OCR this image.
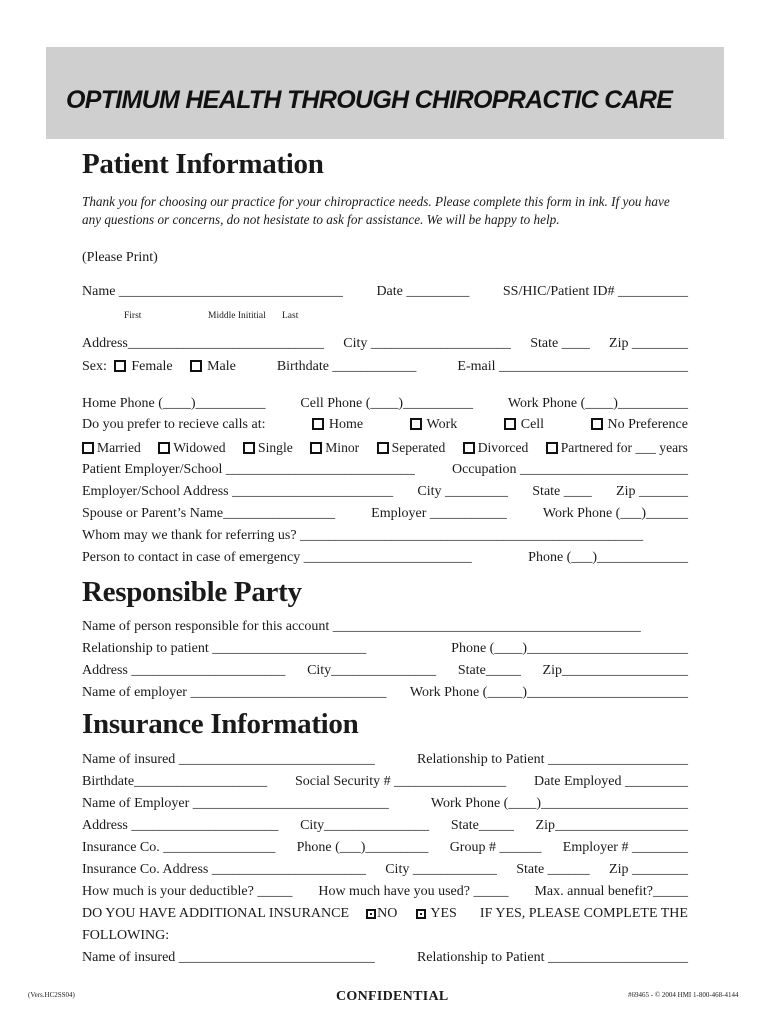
OPTIMUM HEALTH THROUGH CHIROPRACTIC CARE
Patient Information
Thank you for choosing our practice for your chiropractice needs. Please complete this form in ink. If you have any questions or concerns, do not hesistate to ask for assistance. We will be happy to help.
(Please Print)
Name ________________________________ Date _________ SS/HIC/Patient ID# __________
First	Middle Inititial Last
Address____________________________ City ____________________ State ____ Zip ________
Sex: Female Male	Birthdate ____________	E-mail ___________________________
Home Phone (____)__________ Cell Phone (____)__________ Work Phone (____)__________
Do you prefer to recieve calls at:	Home	Work	Cell	No Preference
Married	Widowed	Single	Minor	Seperated	Divorced	Partnered for ___ years
Patient Employer/School ___________________________	Occupation ________________________
Employer/School Address _______________________ City _________ State ____ Zip _______
Spouse or Parent’s Name________________	Employer ___________	Work Phone (___)______
Whom may we thank for referring us? _________________________________________________
Person to contact in case of emergency ________________________	Phone (___)_____________
Responsible Party
Name of person responsible for this account ____________________________________________
Relationship to patient ______________________	Phone (____)_______________________
Address ______________________ City_______________ State_____ Zip__________________
Name of employer ____________________________ Work Phone (_____)_______________________
Insurance Information
Name of insured ____________________________	Relationship to Patient ____________________
Birthdate___________________ Social Security # ________________ Date Employed _________
Name of Employer ____________________________	Work Phone (____)_____________________
Address _____________________ City_______________ State_____ Zip___________________
Insurance Co. ________________ Phone (___)_________ Group # ______ Employer # ________
Insurance Co. Address ______________________ City ____________ State ______ Zip ________
How much is your deductible? _____ How much have you used? _____ Max. annual benefit?_____
DO YOU HAVE ADDITIONAL INSURANCE	NO	YES IF YES, PLEASE COMPLETE THE
FOLLOWING:
Name of insured ____________________________	Relationship to Patient ____________________
(Vers.HC2SS04)	CONFIDENTIAL	#69465 - © 2004 HMI 1-800-468-4144
